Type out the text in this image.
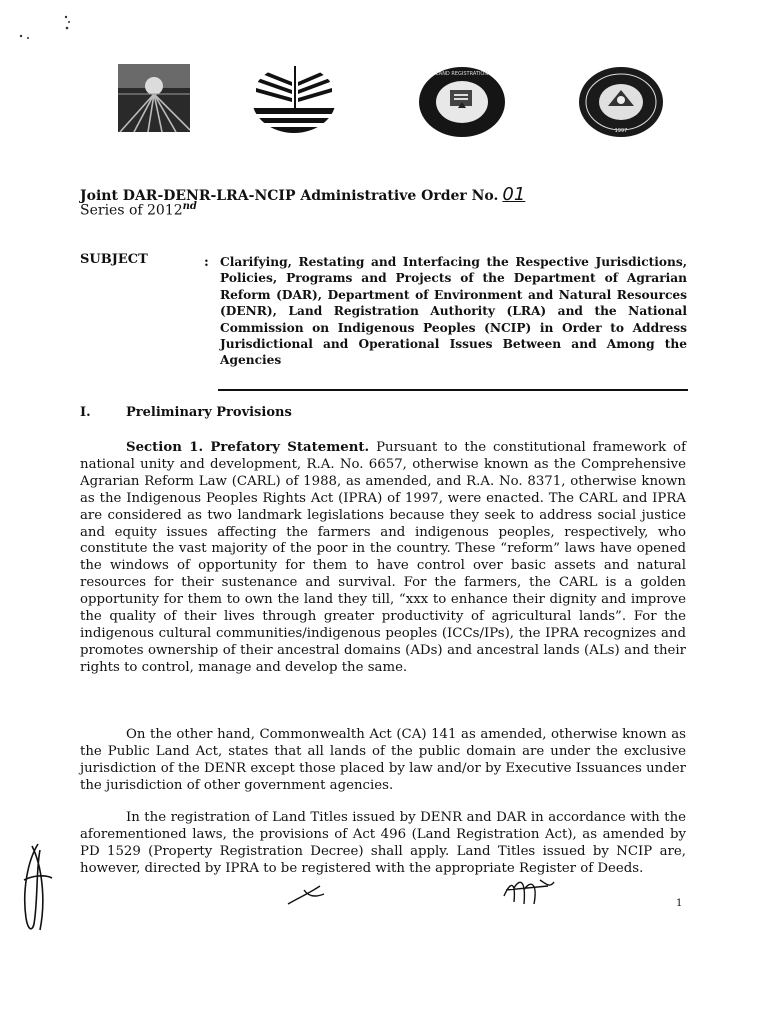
LAND REGISTRATION
1997
Joint DAR-DENR-LRA-NCIP Administrative Order No. 01
Series of 2012nd
SUBJECT	: Clarifying, Restating and Interfacing the Respective Jurisdictions, Policies, Programs and Projects of the Department of Agrarian Reform (DAR), Department of Environment and Natural Resources (DENR), Land Registration Authority (LRA) and the National Commission on Indigenous Peoples (NCIP) in Order to Address Jurisdictional and Operational Issues Between and Among the Agencies
I.	Preliminary Provisions
Section 1. Prefatory Statement. Pursuant to the constitutional framework of national unity and development, R.A. No. 6657, otherwise known as the Comprehensive Agrarian Reform Law (CARL) of 1988, as amended, and R.A. No. 8371, otherwise known as the Indigenous Peoples Rights Act (IPRA) of 1997, were enacted. The CARL and IPRA are considered as two landmark legislations because they seek to address social justice and equity issues affecting the farmers and indigenous peoples, respectively, who constitute the vast majority of the poor in the country. These “reform” laws have opened the windows of opportunity for them to have control over basic assets and natural resources for their sustenance and survival. For the farmers, the CARL is a golden opportunity for them to own the land they till, “xxx to enhance their dignity and improve the quality of their lives through greater productivity of agricultural lands”. For the indigenous cultural communities/indigenous peoples (ICCs/IPs), the IPRA recognizes and promotes ownership of their ancestral domains (ADs) and ancestral lands (ALs) and their rights to control, manage and develop the same.
On the other hand, Commonwealth Act (CA) 141 as amended, otherwise known as the Public Land Act, states that all lands of the public domain are under the exclusive jurisdiction of the DENR except those placed by law and/or by Executive Issuances under the jurisdiction of other government agencies.
In the registration of Land Titles issued by DENR and DAR in accordance with the aforementioned laws, the provisions of Act 496 (Land Registration Act), as amended by PD 1529 (Property Registration Decree) shall apply. Land Titles issued by NCIP are, however, directed by IPRA to be registered with the appropriate Register of Deeds.
1
